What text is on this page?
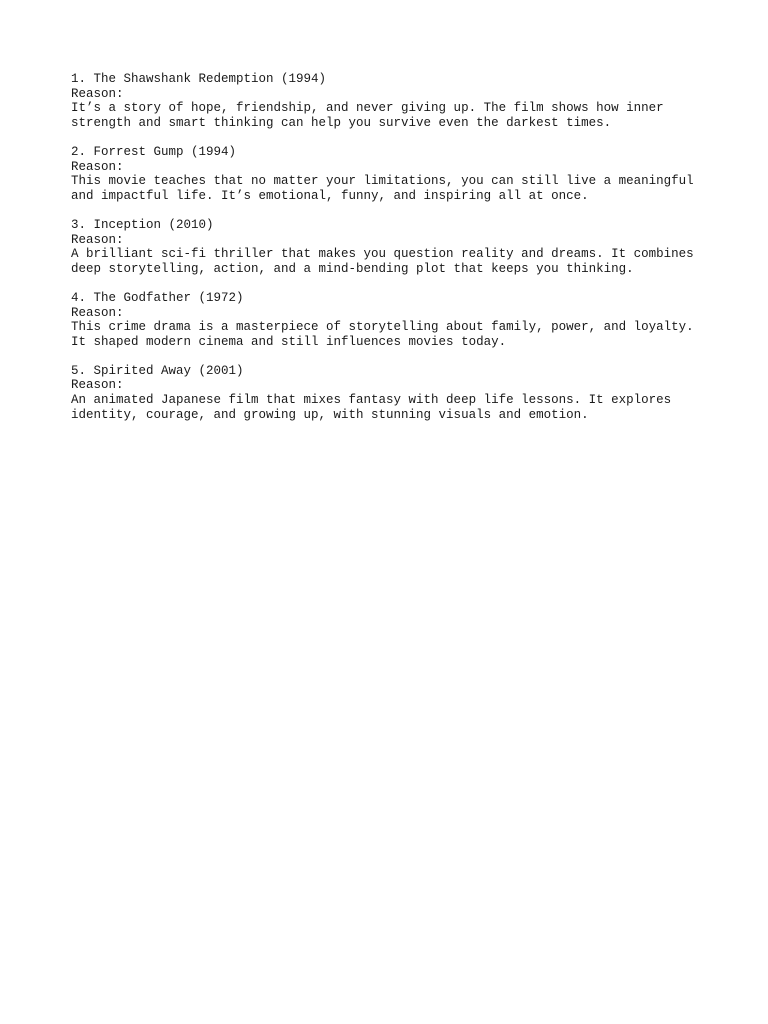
1. The Shawshank Redemption (1994)
Reason:
It’s a story of hope, friendship, and never giving up. The film shows how inner
strength and smart thinking can help you survive even the darkest times.
2. Forrest Gump (1994)
Reason:
This movie teaches that no matter your limitations, you can still live a meaningful
and impactful life. It’s emotional, funny, and inspiring all at once.
3. Inception (2010)
Reason:
A brilliant sci-fi thriller that makes you question reality and dreams. It combines
deep storytelling, action, and a mind-bending plot that keeps you thinking.
4. The Godfather (1972)
Reason:
This crime drama is a masterpiece of storytelling about family, power, and loyalty.
It shaped modern cinema and still influences movies today.
5. Spirited Away (2001)
Reason:
An animated Japanese film that mixes fantasy with deep life lessons. It explores
identity, courage, and growing up, with stunning visuals and emotion.
